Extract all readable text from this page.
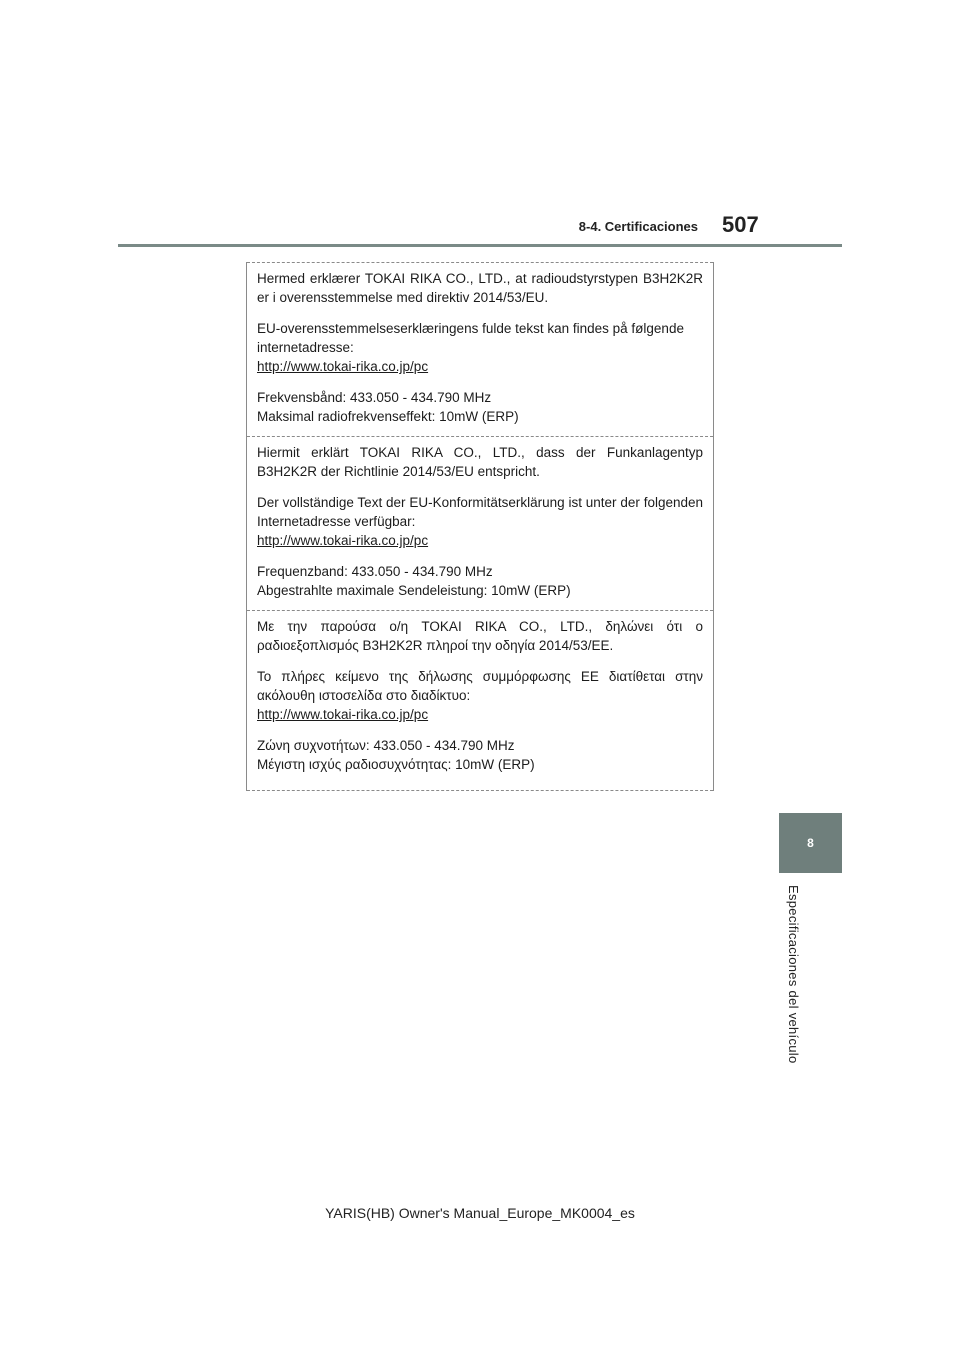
8-4. Certificaciones 507
8
Especificaciones del vehículo

Hermed erklærer TOKAI RIKA CO., LTD., at radioudstyrstypen B3H2K2R er i overensstemmelse med direktiv 2014/53/EU.

EU-overensstemmelseserklæringens fulde tekst kan findes på følgende internetadresse:
http://www.tokai-rika.co.jp/pc

Frekvensbånd: 433.050 - 434.790 MHz
Maksimal radiofrekvenseffekt: 10mW (ERP)

Hiermit erklärt TOKAI RIKA CO., LTD., dass der Funkanlagentyp B3H2K2R der Richtlinie 2014/53/EU entspricht.

Der vollständige Text der EU-Konformitätserklärung ist unter der folgenden Internetadresse verfügbar:
http://www.tokai-rika.co.jp/pc

Frequenzband: 433.050 - 434.790 MHz
Abgestrahlte maximale Sendeleistung: 10mW (ERP)

Με την παρούσα ο/η TOKAI RIKA CO., LTD., δηλώνει ότι ο ραδιοεξοπλισμός B3H2K2R πληροί την οδηγία 2014/53/ΕΕ.

Το πλήρες κείμενο της δήλωσης συμμόρφωσης ΕΕ διατίθεται στην ακόλουθη ιστοσελίδα στο διαδίκτυο:
http://www.tokai-rika.co.jp/pc

Ζώνη συχνοτήτων: 433.050 - 434.790 MHz
Μέγιστη ισχύς ραδιοσυχνότητας: 10mW (ERP)

YARIS(HB) Owner's Manual_Europe_MK0004_es
